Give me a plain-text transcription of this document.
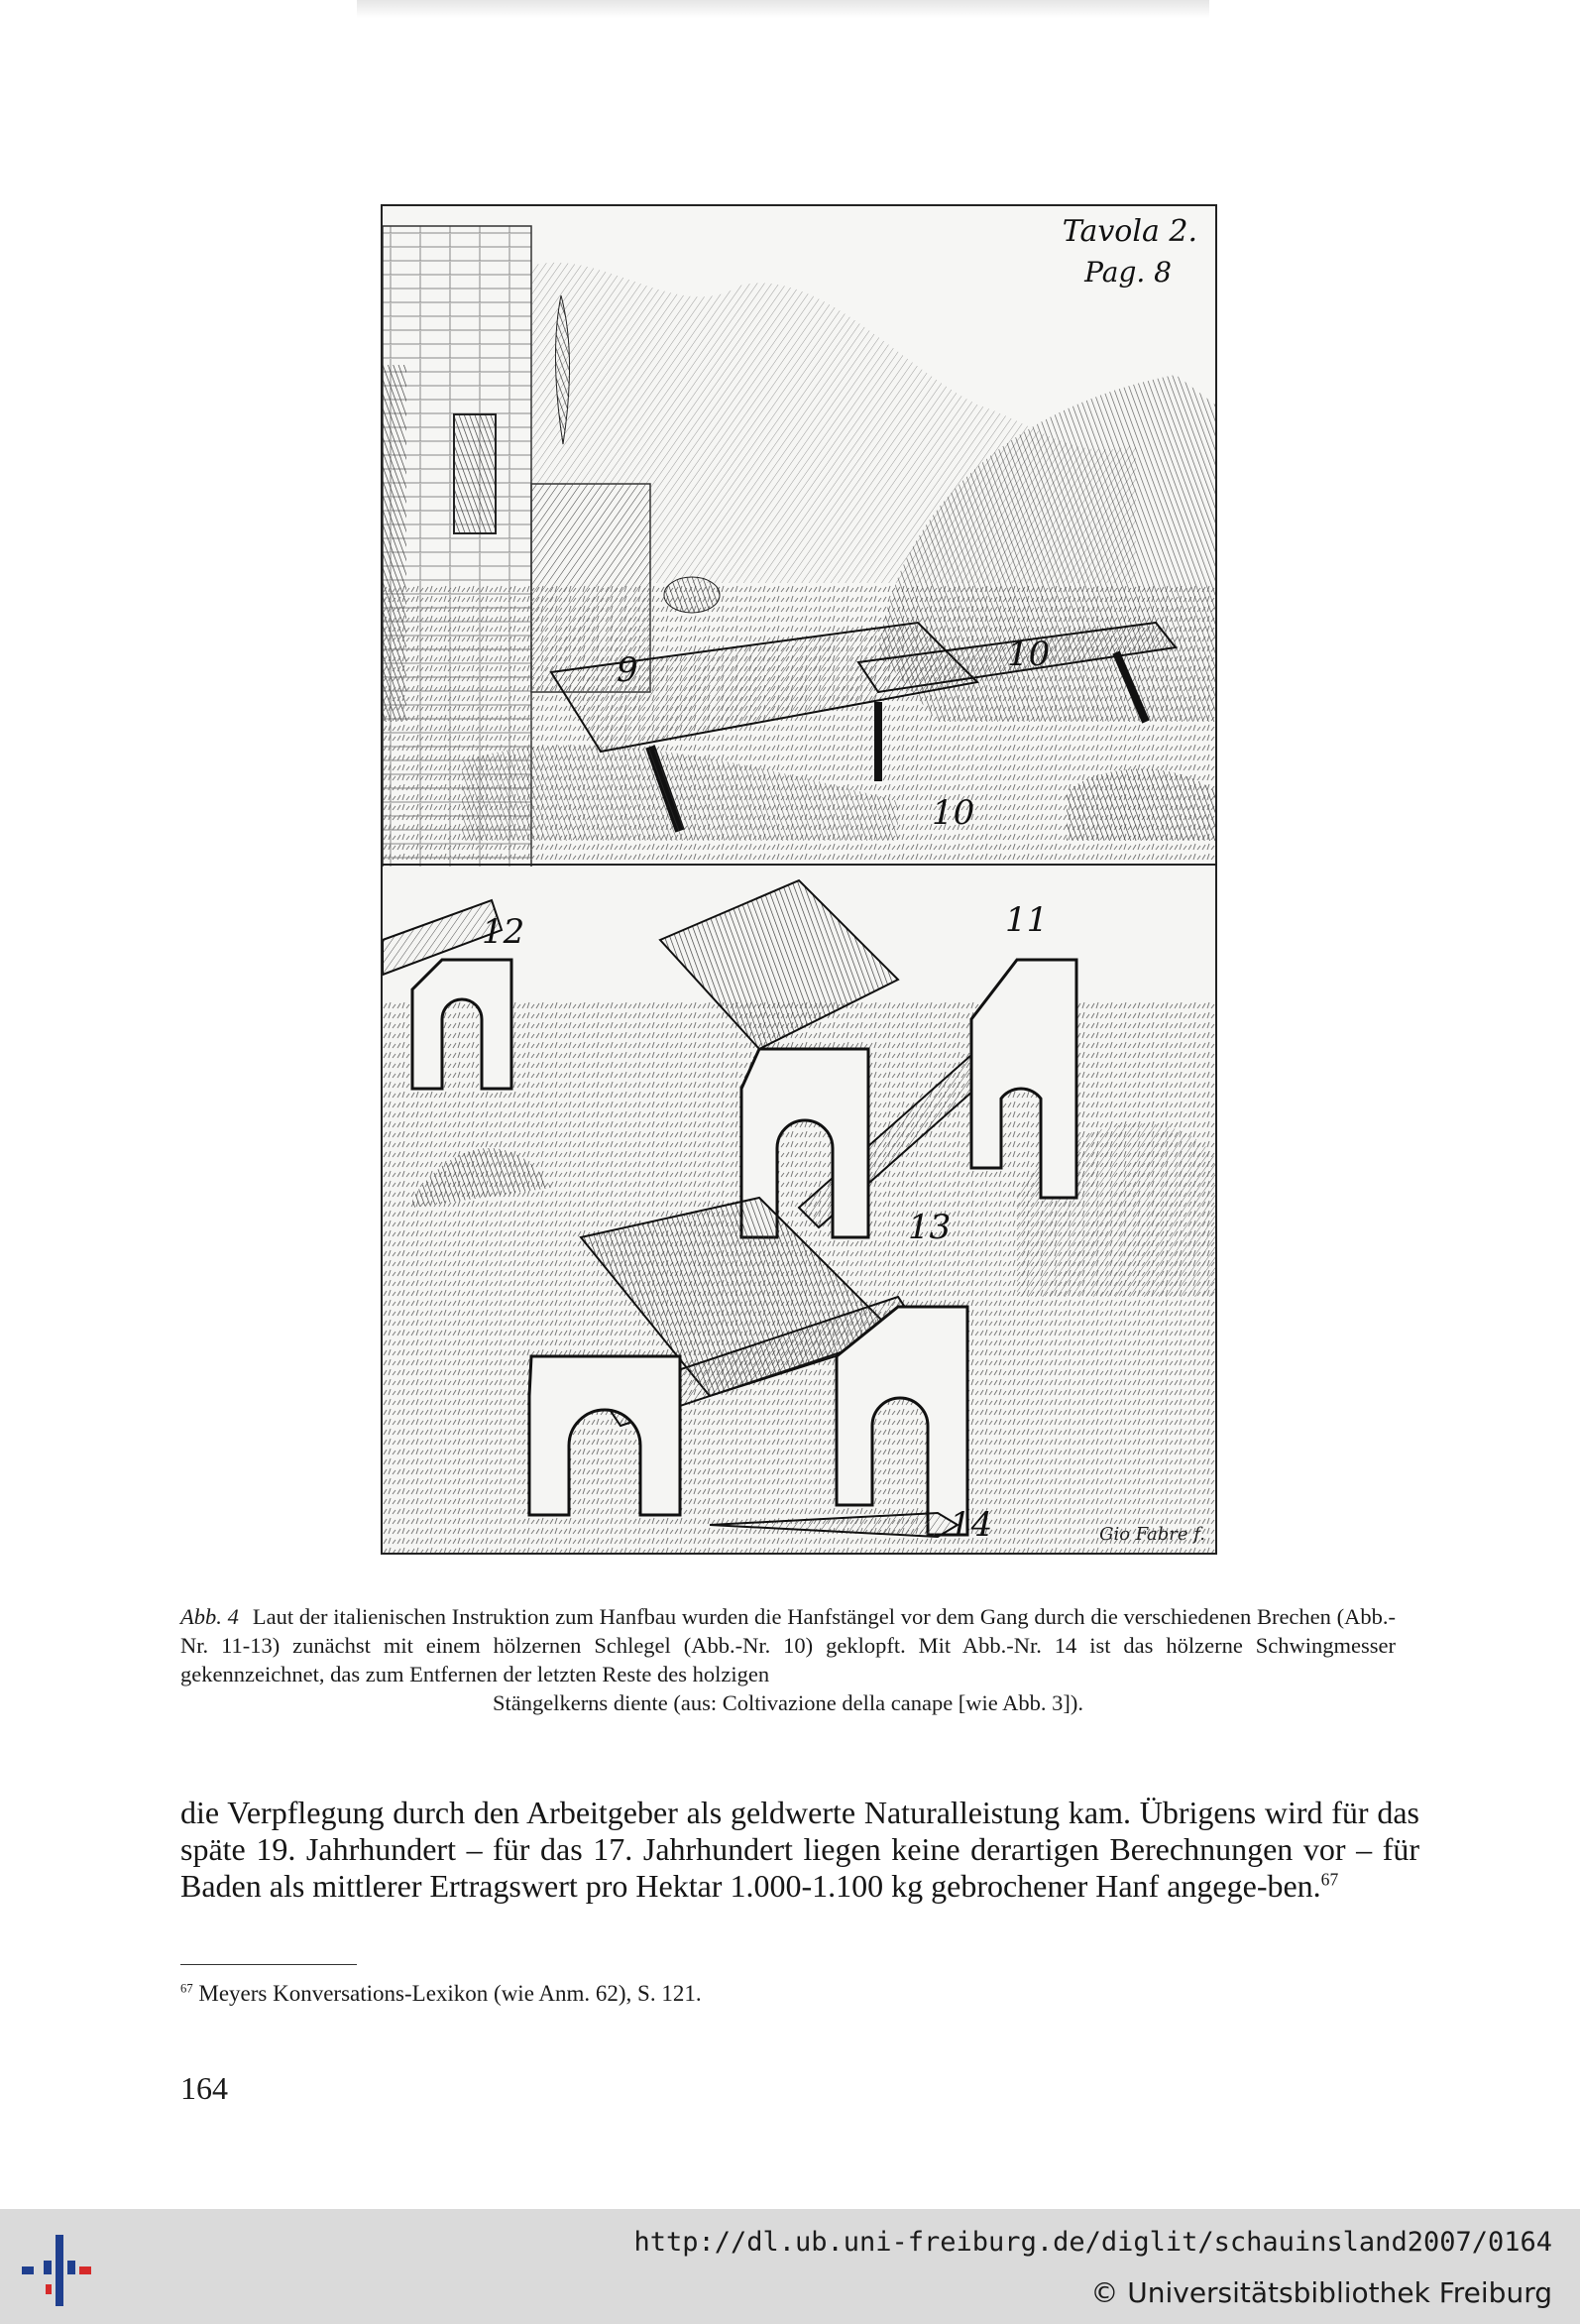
Tavola 2.
Pag. 8
9	10
10
12	11
13
14	Gio Fabre f.
Abb. 4 Laut der italienischen Instruktion zum Hanfbau wurden die Hanfstängel vor dem Gang durch die verschiedenen Brechen (Abb.-Nr. 11-13) zunächst mit einem hölzernen Schlegel (Abb.-Nr. 10) geklopft. Mit Abb.-Nr. 14 ist das hölzerne Schwingmesser gekennzeichnet, das zum Entfernen der letzten Reste des holzigen
Stängelkerns diente (aus: Coltivazione della canape [wie Abb. 3]).

die Verpflegung durch den Arbeitgeber als geldwerte Naturalleistung kam. Übrigens wird für das späte 19. Jahrhundert – für das 17. Jahrhundert liegen keine derartigen Berechnungen vor – für Baden als mittlerer Ertragswert pro Hektar 1.000-1.100 kg gebrochener Hanf angege-ben.$^{67}$

$^{67}$ Meyers Konversations-Lexikon (wie Anm. 62), S. 121.
164
http://dl.ub.uni-freiburg.de/diglit/schauinsland2007/0164
© Universitätsbibliothek Freiburg
